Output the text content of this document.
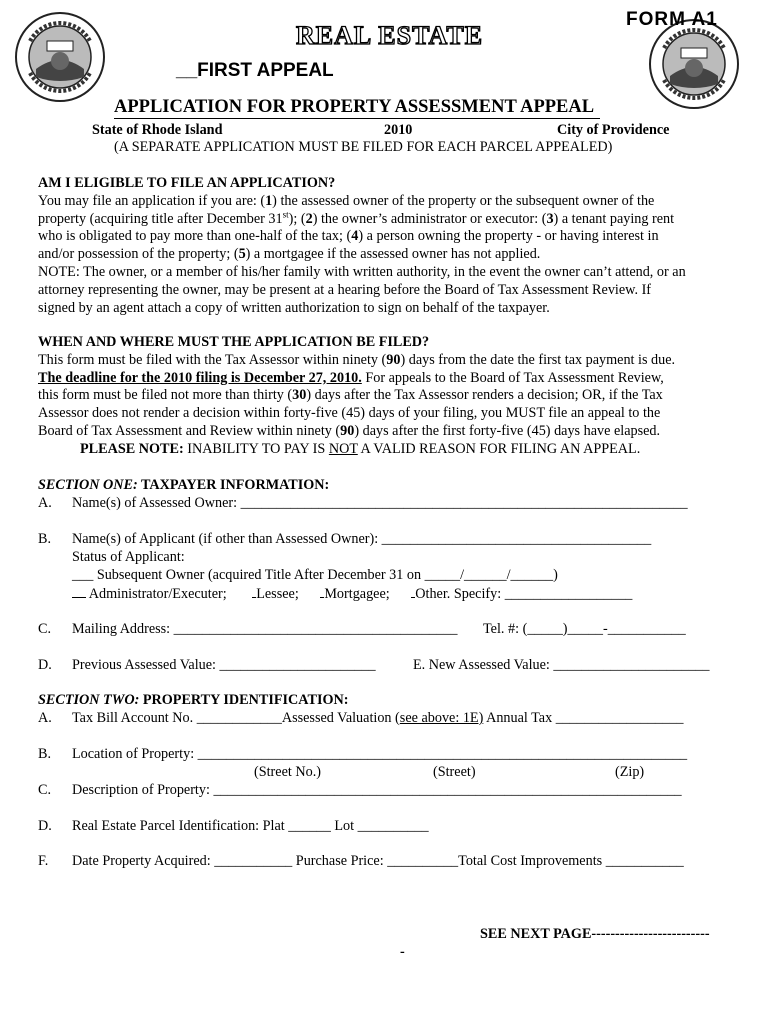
FORM A1
REAL ESTATE
__FIRST APPEAL
APPLICATION FOR PROPERTY ASSESSMENT APPEAL
State of Rhode Island	2010	City of Providence
(A SEPARATE APPLICATION MUST BE FILED FOR EACH PARCEL APPEALED)

AM I ELIGIBLE TO FILE AN APPLICATION?

You may file an application if you are: (1) the assessed owner of the property or the subsequent owner of the

property (acquiring title after December 31st); (2) the owner’s administrator or executor: (3) a tenant paying rent

who is obligated to pay more than one-half of the tax; (4) a person owning the property - or having interest in

and/or possession of the property; (5) a mortgagee if the assessed owner has not applied.

NOTE: The owner, or a member of his/her family with written authority, in the event the owner can’t attend, or an

attorney representing the owner, may be present at a hearing before the Board of Tax Assessment Review. If

signed by an agent attach a copy of written authorization to sign on behalf of the taxpayer.

WHEN AND WHERE MUST THE APPLICATION BE FILED?

This form must be filed with the Tax Assessor within ninety (90) days from the date the first tax payment is due.

The deadline for the 2010 filing is December 27, 2010. For appeals to the Board of Tax Assessment Review,

this form must be filed not more than thirty (30) days after the Tax Assessor renders a decision; OR, if the Tax

Assessor does not render a decision within forty-five (45) days of your filing, you MUST file an appeal to the

Board of Tax Assessment and Review within ninety (90) days after the first forty-five (45) days have elapsed.

PLEASE NOTE: INABILITY TO PAY IS NOT A VALID REASON FOR FILING AN APPEAL.

SECTION ONE: TAXPAYER INFORMATION:
A. Name(s) of Assessed Owner: _______________________________________________________________
B. Name(s) of Applicant (if other than Assessed Owner): ______________________________________
Status of Applicant:
___ Subsequent Owner (acquired Title After December 31 on _____/______/______)
Administrator/Executer; Lessee; Mortgagee; Other. Specify: __________________
C. Mailing Address: ________________________________________ Tel. #: (_____)_____-___________
D. Previous Assessed Value: ______________________	E. New Assessed Value: ______________________
SECTION TWO: PROPERTY IDENTIFICATION:
A. Tax Bill Account No. ____________Assessed Valuation (see above: 1E) Annual Tax __________________
B. Location of Property: _____________________________________________________________________
(Street No.)	(Street)	(Zip)
C. Description of Property: __________________________________________________________________
D. Real Estate Parcel Identification: Plat ______ Lot __________
F. Date Property Acquired: ___________ Purchase Price: __________Total Cost Improvements ___________
SEE NEXT PAGE-------------------------
-
